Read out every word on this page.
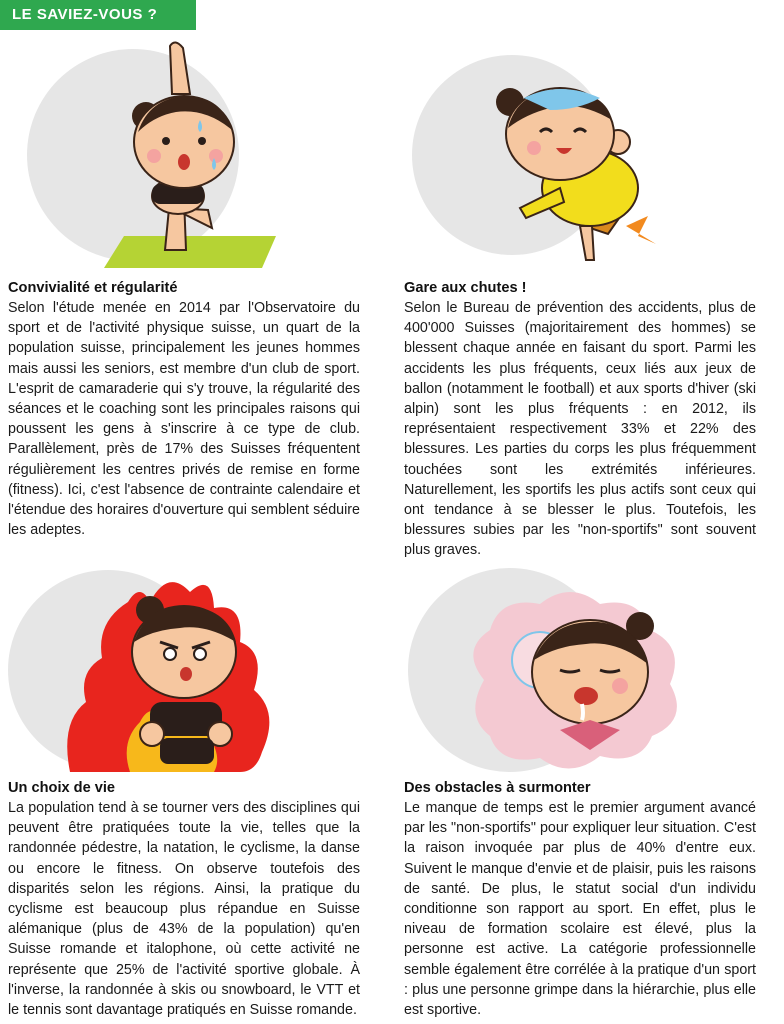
LE SAVIEZ-VOUS ?
Convivialité et régularité

Selon l'étude menée en 2014 par l'Observatoire du sport et de l'activité physique suisse, un quart de la population suisse, principalement les jeunes hommes mais aussi les seniors, est membre d'un club de sport. L'esprit de camaraderie qui s'y trouve, la régularité des séances et le coaching sont les principales raisons qui poussent les gens à s'inscrire à ce type de club. Parallèlement, près de 17% des Suisses fréquentent régulièrement les centres privés de remise en forme (fitness). Ici, c'est l'absence de contrainte calendaire et l'étendue des horaires d'ouverture qui semblent séduire les adeptes.

Gare aux chutes !

Selon le Bureau de prévention des accidents, plus de 400'000 Suisses (majoritairement des hommes) se blessent chaque année en faisant du sport. Parmi les accidents les plus fréquents, ceux liés aux jeux de ballon (notamment le football) et aux sports d'hiver (ski alpin) sont les plus fréquents : en 2012, ils représentaient respectivement 33% et 22% des blessures. Les parties du corps les plus fréquemment touchées sont les extrémités inférieures. Naturellement, les sportifs les plus actifs sont ceux qui ont tendance à se blesser le plus. Toutefois, les blessures subies par les "non-sportifs" sont souvent plus graves.

Un choix de vie

La population tend à se tourner vers des disciplines qui peuvent être pratiquées toute la vie, telles que la randonnée pédestre, la natation, le cyclisme, la danse ou encore le fitness. On observe toutefois des disparités selon les régions. Ainsi, la pratique du cyclisme est beaucoup plus répandue en Suisse alémanique (plus de 43% de la population) qu'en Suisse romande et italophone, où cette activité ne représente que 25% de l'activité sportive globale. À l'inverse, la randonnée à skis ou snowboard, le VTT et le tennis sont davantage pratiqués en Suisse romande.

Des obstacles à surmonter

Le manque de temps est le premier argument avancé par les "non-sportifs" pour expliquer leur situation. C'est la raison invoquée par plus de 40% d'entre eux. Suivent le manque d'envie et de plaisir, puis les raisons de santé. De plus, le statut social d'un individu conditionne son rapport au sport. En effet, plus le niveau de formation scolaire est élevé, plus la personne est active. La catégorie professionnelle semble également être corrélée à la pratique d'un sport : plus une personne grimpe dans la hiérarchie, plus elle est sportive.
